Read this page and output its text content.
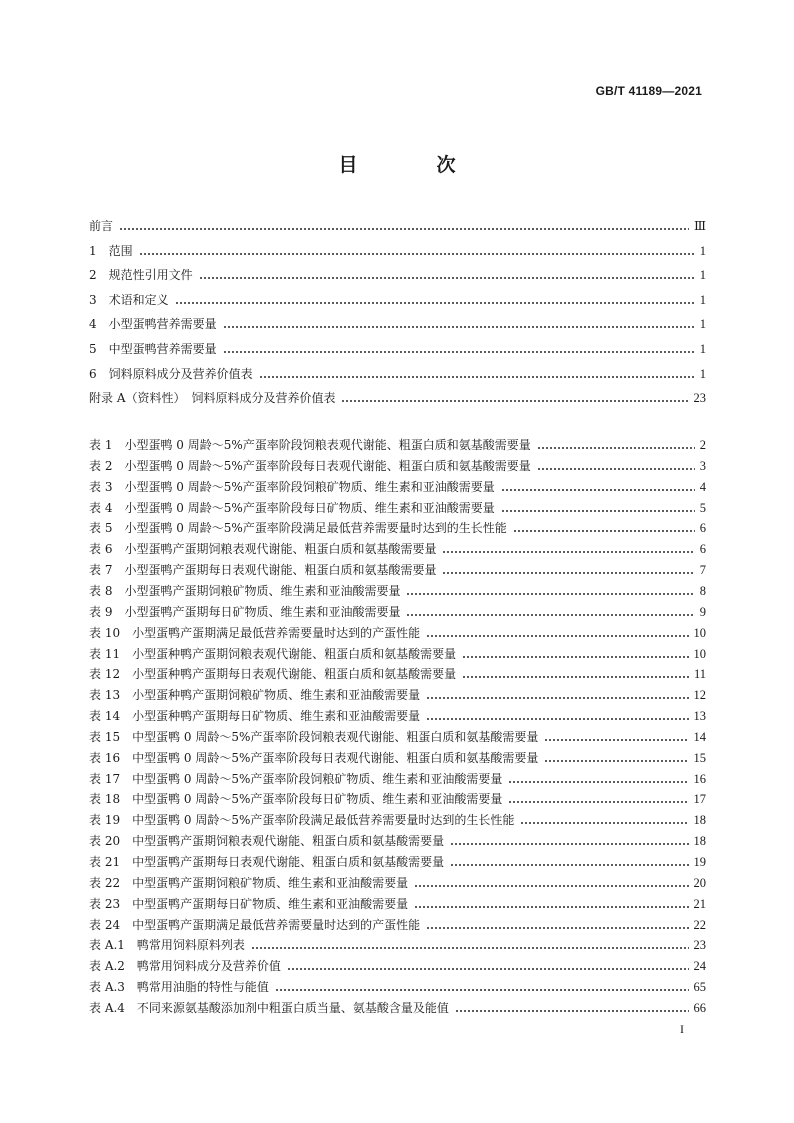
GB/T 41189—2021
目　次
前言	Ⅲ
1　范围	1
2　规范性引用文件	1
3　术语和定义	1
4　小型蛋鸭营养需要量	1
5　中型蛋鸭营养需要量	1
6　饲料原料成分及营养价值表	1
附录 A（资料性）　饲料原料成分及营养价值表	23
表 1　小型蛋鸭 0 周龄～5%产蛋率阶段饲粮表观代谢能、粗蛋白质和氨基酸需要量	2
表 2　小型蛋鸭 0 周龄～5%产蛋率阶段每日表观代谢能、粗蛋白质和氨基酸需要量	3
表 3　小型蛋鸭 0 周龄～5%产蛋率阶段饲粮矿物质、维生素和亚油酸需要量	4
表 4　小型蛋鸭 0 周龄～5%产蛋率阶段每日矿物质、维生素和亚油酸需要量	5
表 5　小型蛋鸭 0 周龄～5%产蛋率阶段满足最低营养需要量时达到的生长性能	6
表 6　小型蛋鸭产蛋期饲粮表观代谢能、粗蛋白质和氨基酸需要量	6
表 7　小型蛋鸭产蛋期每日表观代谢能、粗蛋白质和氨基酸需要量	7
表 8　小型蛋鸭产蛋期饲粮矿物质、维生素和亚油酸需要量	8
表 9　小型蛋鸭产蛋期每日矿物质、维生素和亚油酸需要量	9
表 10　小型蛋鸭产蛋期满足最低营养需要量时达到的产蛋性能	10
表 11　小型蛋种鸭产蛋期饲粮表观代谢能、粗蛋白质和氨基酸需要量	10
表 12　小型蛋种鸭产蛋期每日表观代谢能、粗蛋白质和氨基酸需要量	11
表 13　小型蛋种鸭产蛋期饲粮矿物质、维生素和亚油酸需要量	12
表 14　小型蛋种鸭产蛋期每日矿物质、维生素和亚油酸需要量	13
表 15　中型蛋鸭 0 周龄～5%产蛋率阶段饲粮表观代谢能、粗蛋白质和氨基酸需要量	14
表 16　中型蛋鸭 0 周龄～5%产蛋率阶段每日表观代谢能、粗蛋白质和氨基酸需要量	15
表 17　中型蛋鸭 0 周龄～5%产蛋率阶段饲粮矿物质、维生素和亚油酸需要量	16
表 18　中型蛋鸭 0 周龄～5%产蛋率阶段每日矿物质、维生素和亚油酸需要量	17
表 19　中型蛋鸭 0 周龄～5%产蛋率阶段满足最低营养需要量时达到的生长性能	18
表 20　中型蛋鸭产蛋期饲粮表观代谢能、粗蛋白质和氨基酸需要量	18
表 21　中型蛋鸭产蛋期每日表观代谢能、粗蛋白质和氨基酸需要量	19
表 22　中型蛋鸭产蛋期饲粮矿物质、维生素和亚油酸需要量	20
表 23　中型蛋鸭产蛋期每日矿物质、维生素和亚油酸需要量	21
表 24　中型蛋鸭产蛋期满足最低营养需要量时达到的产蛋性能	22
表 A.1　鸭常用饲料原料列表	23
表 A.2　鸭常用饲料成分及营养价值	24
表 A.3　鸭常用油脂的特性与能值	65
表 A.4　不同来源氨基酸添加剂中粗蛋白质当量、氨基酸含量及能值	66
I
